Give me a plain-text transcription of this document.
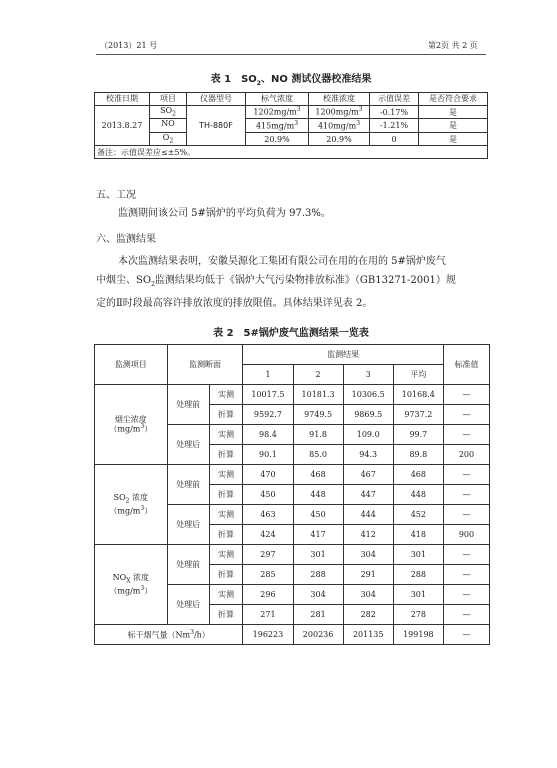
（2013）21 号	第2页 共 2 页
表 1　$SO_2$、NO 测试仪器校准结果
校准日期	项目	仪器型号	标气浓度	校准浓度	示值误差	是否符合要求
2013.8.27	$SO_2$	TH-880F	$1202mg/m^3$	$1200mg/m^3$	-0.17%	是
	NO		$415mg/m^3$	$410mg/m^3$	-1.21%	是
	$O_2$		20.9%	20.9%	0	是
备注：示值误差应≤±5%。						
五、工况
监测期间该公司 5#锅炉的平均负荷为 97.3%。
六、监测结果
本次监测结果表明，安徽昊源化工集团有限公司在用的在用的 5#锅炉废气
中烟尘、$SO_2$监测结果均低于《锅炉大气污染物排放标准》（GB13271-2001）规
定的Ⅱ时段最高容许排放浓度的排放限值。具体结果详见表 2。
表 2　5#锅炉废气监测结果一览表
监测项目	监测断面		监测结果				标准值
			1	2	3	平均	
烟尘浓度
$(mg/m^3)$	处理前	实测	10017.5	10181.3	10306.5	10168.4	—
		折算	9592.7	9749.5	9869.5	9737.2	—
	处理后	实测	98.4	91.8	109.0	99.7	—
		折算	90.1	85.0	94.3	89.8	200
$SO_2$ 浓度
$(mg/m^3)$	处理前	实测	470	468	467	468	—
		折算	450	448	447	448	—
	处理后	实测	463	450	444	452	—
		折算	424	417	412	418	900
$NO_X$ 浓度
$(mg/m^3)$	处理前	实测	297	301	304	301	—
		折算	285	288	291	288	—
	处理后	实测	296	304	304	301	—
		折算	271	281	282	278	—
标干烟气量（Nm$^3$/h）			196223	200236	201135	199198	—
